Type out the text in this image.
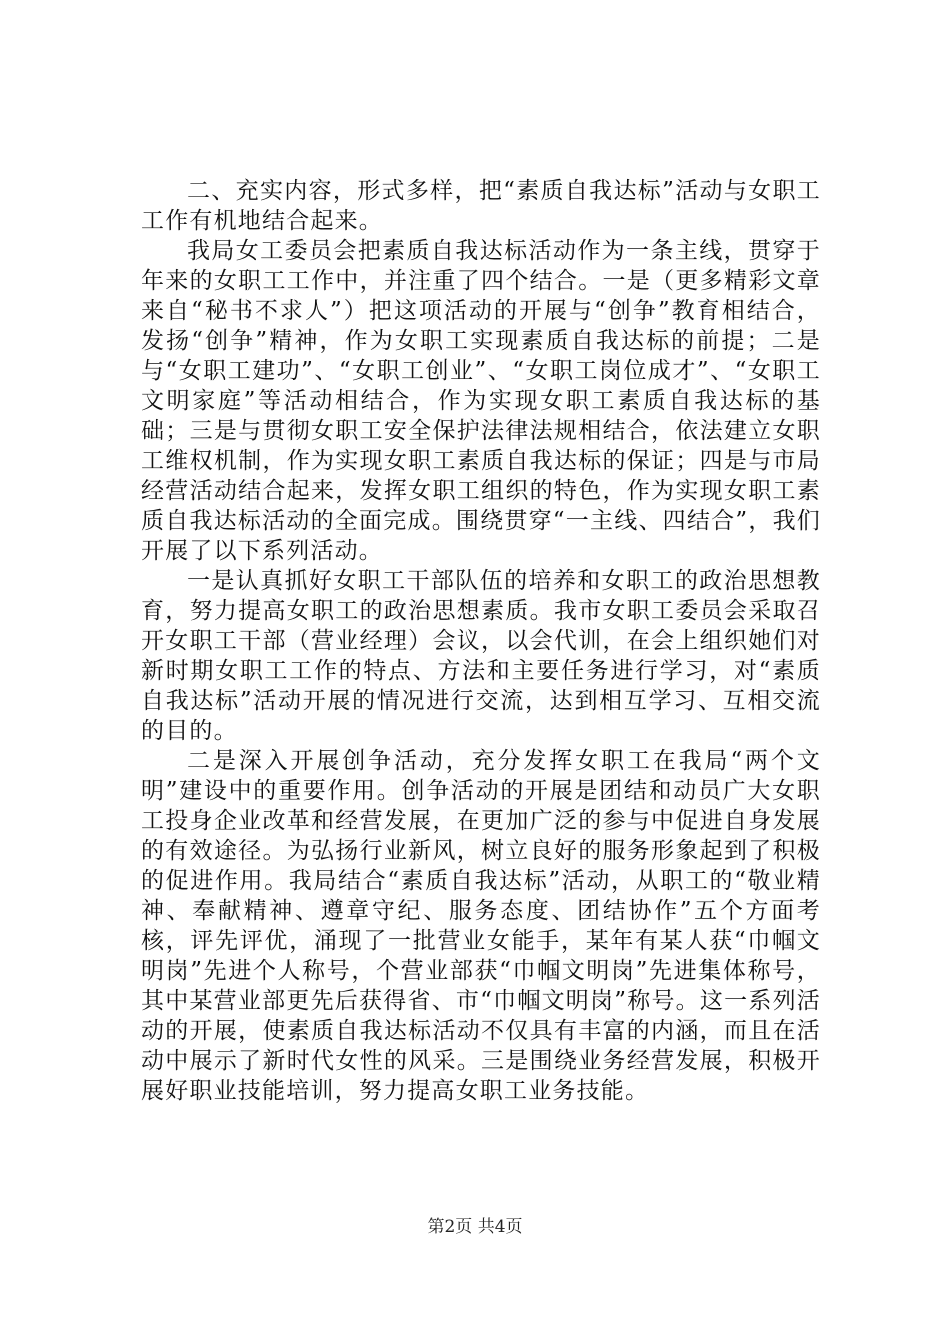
二、充实内容，形式多样，把“素质自我达标”活动与女职工工作有机地结合起来。

我局女工委员会把素质自我达标活动作为一条主线，贯穿于年来的女职工工作中，并注重了四个结合。一是（更多精彩文章来自“秘书不求人”）把这项活动的开展与“创争”教育相结合，发扬“创争”精神，作为女职工实现素质自我达标的前提；二是与“女职工建功”、“女职工创业”、“女职工岗位成才”、“女职工文明家庭”等活动相结合，作为实现女职工素质自我达标的基础；三是与贯彻女职工安全保护法律法规相结合，依法建立女职工维权机制，作为实现女职工素质自我达标的保证；四是与市局经营活动结合起来，发挥女职工组织的特色，作为实现女职工素质自我达标活动的全面完成。围绕贯穿“一主线、四结合”，我们开展了以下系列活动。

一是认真抓好女职工干部队伍的培养和女职工的政治思想教育，努力提高女职工的政治思想素质。我市女职工委员会采取召开女职工干部（营业经理）会议，以会代训，在会上组织她们对新时期女职工工作的特点、方法和主要任务进行学习，对“素质自我达标”活动开展的情况进行交流，达到相互学习、互相交流的目的。

二是深入开展创争活动，充分发挥女职工在我局“两个文明”建设中的重要作用。创争活动的开展是团结和动员广大女职工投身企业改革和经营发展，在更加广泛的参与中促进自身发展的有效途径。为弘扬行业新风，树立良好的服务形象起到了积极的促进作用。我局结合“素质自我达标”活动，从职工的“敬业精神、奉献精神、遵章守纪、服务态度、团结协作”五个方面考核，评先评优，涌现了一批营业女能手，某年有某人获“巾帼文明岗”先进个人称号，个营业部获“巾帼文明岗”先进集体称号，其中某营业部更先后获得省、市“巾帼文明岗”称号。这一系列活动的开展，使素质自我达标活动不仅具有丰富的内涵，而且在活动中展示了新时代女性的风采。三是围绕业务经营发展，积极开展好职业技能培训，努力提高女职工业务技能。

第2页 共4页
